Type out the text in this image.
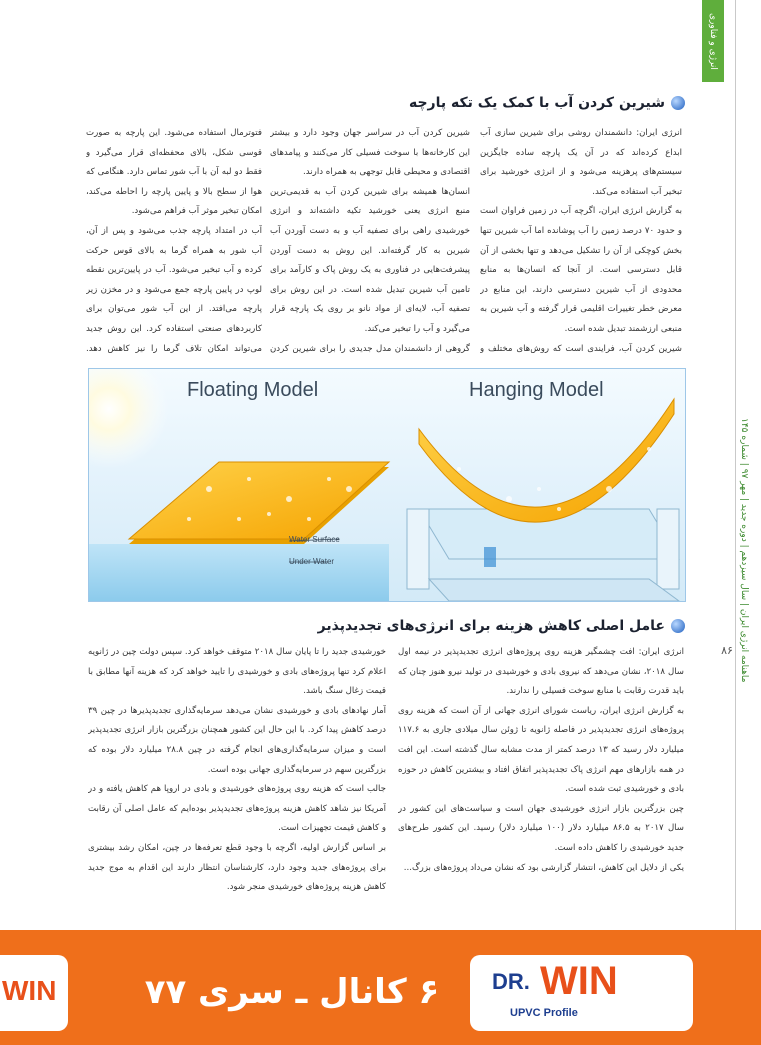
انرژی و فناوری
ماهنامه انرژی ایران | سال سیزدهم | دوره جدید | مهر ۹۷ | شماره ۱۴۵
۸۶
شیرین کردن آب با کمک یک تکه پارچه

انرژی ایران: دانشمندان روشی برای شیرین سازی آب ابداع کرده‌اند که در آن یک پارچه ساده جایگزین سیستم‌های پرهزینه می‌شود و از انرژی خورشید برای تبخیر آب استفاده می‌کند.

به گزارش انرژی ایران، اگرچه آب در زمین فراوان است و حدود ۷۰ درصد زمین را آب پوشانده اما آب شیرین تنها بخش کوچکی از آن را تشکیل می‌دهد و تنها بخشی از آن قابل دسترسی است. از آنجا که انسان‌ها به منابع محدودی از آب شیرین دسترسی دارند، این منابع در معرض خطر تغییرات اقلیمی قرار گرفته و آب شیرین به منبعی ارزشمند تبدیل شده است.

شیرین کردن آب، فرایندی است که روش‌های مختلف و

شیرین کردن آب در سراسر جهان وجود دارد و بیشتر این کارخانه‌ها با سوخت فسیلی کار می‌کنند و پیامدهای اقتصادی و محیطی قابل توجهی به همراه دارند.

انسان‌ها همیشه برای شیرین کردن آب به قدیمی‌ترین منبع انرژی یعنی خورشید تکیه داشته‌اند و انرژی خورشیدی راهی برای تصفیه آب و به دست آوردن آب شیرین به کار گرفته‌اند. این روش به دست آوردن پیشرفت‌هایی در فناوری به یک روش پاک و کارآمد برای تامین آب شیرین تبدیل شده است. در این روش برای تصفیه آب، لایه‌ای از مواد نانو بر روی یک پارچه قرار می‌گیرد و آب را تبخیر می‌کند.

گروهی از دانشمندان مدل جدیدی را برای شیرین کردن

فتوترمال استفاده می‌شود. این پارچه به صورت قوسی شکل، بالای محفظه‌ای قرار می‌گیرد و فقط دو لبه آن با آب شور تماس دارد. هنگامی که هوا از سطح بالا و پایین پارچه را احاطه می‌کند، امکان تبخیر موثر آب فراهم می‌شود.

آب در امتداد پارچه جذب می‌شود و پس از آن، آب شور به همراه گرما به بالای قوس حرکت کرده و آب تبخیر می‌شود. آب در پایین‌ترین نقطه لوپ در پایین پارچه جمع می‌شود و در مخزن زیر پارچه می‌افتد. از این آب شور می‌توان برای کاربردهای صنعتی استفاده کرد. این روش جدید می‌تواند امکان تلاف گرما را نیز کاهش دهد.

Floating Model	Hanging Model
Water Surface
Under Water
عامل اصلی کاهش هزینه برای انرژی‌های تجدیدپذیر

انرژی ایران: افت چشمگیر هزینه روی پروژه‌های انرژی تجدیدپذیر در نیمه اول سال ۲۰۱۸، نشان می‌دهد که نیروی بادی و خورشیدی در تولید نیرو هنوز چنان که باید قدرت رقابت با منابع سوخت فسیلی را ندارند.

به گزارش انرژی ایران، ریاست شورای انرژی جهانی از آن است که هزینه روی پروژه‌های انرژی تجدیدپذیر در فاصله ژانویه تا ژوئن سال میلادی جاری به ۱۱۷.۶ میلیارد دلار رسید که ۱۳ درصد کمتر از مدت مشابه سال گذشته است. این افت در همه بازارهای مهم انرژی پاک تجدیدپذیر اتفاق افتاد و بیشترین کاهش در حوزه بادی و خورشیدی ثبت شده است.

چین بزرگترین بازار انرژی خورشیدی جهان است و سیاست‌های این کشور در سال ۲۰۱۷ به ۸۶.۵ میلیارد دلار (۱۰۰ میلیارد دلار) رسید. این کشور طرح‌های جدید خورشیدی را کاهش داده است.

یکی از دلایل این کاهش، انتشار گزارشی بود که نشان می‌داد پروژه‌های بزرگ...

خورشیدی جدید را تا پایان سال ۲۰۱۸ متوقف خواهد کرد. سپس دولت چین در ژانویه اعلام کرد تنها پروژه‌های بادی و خورشیدی را تایید خواهد کرد که هزینه آنها مطابق با قیمت زغال سنگ باشد.

آمار نهادهای بادی و خورشیدی نشان می‌دهد سرمایه‌گذاری تجدیدپذیرها در چین ۳۹ درصد کاهش پیدا کرد. با این حال این کشور همچنان بزرگترین بازار انرژی تجدیدپذیر است و میزان سرمایه‌گذاری‌های انجام گرفته در چین ۲۸.۸ میلیارد دلار بوده که بزرگترین سهم در سرمایه‌گذاری جهانی بوده است.

جالب است که هزینه روی پروژه‌های خورشیدی و بادی در اروپا هم کاهش یافته و در آمریکا نیز شاهد کاهش هزینه پروژه‌های تجدیدپذیر بوده‌ایم که عامل اصلی آن رقابت و کاهش قیمت تجهیزات است.

بر اساس گزارش اولیه، اگرچه با وجود قطع تعرفه‌ها در چین، امکان رشد بیشتری برای پروژه‌های جدید وجود دارد، کارشناسان انتظار دارند این اقدام به موج جدید کاهش هزینه پروژه‌های خورشیدی منجر شود.

WIN	۶ کانال ـ سری ۷۷	DR. WIN
UPVC Profile
